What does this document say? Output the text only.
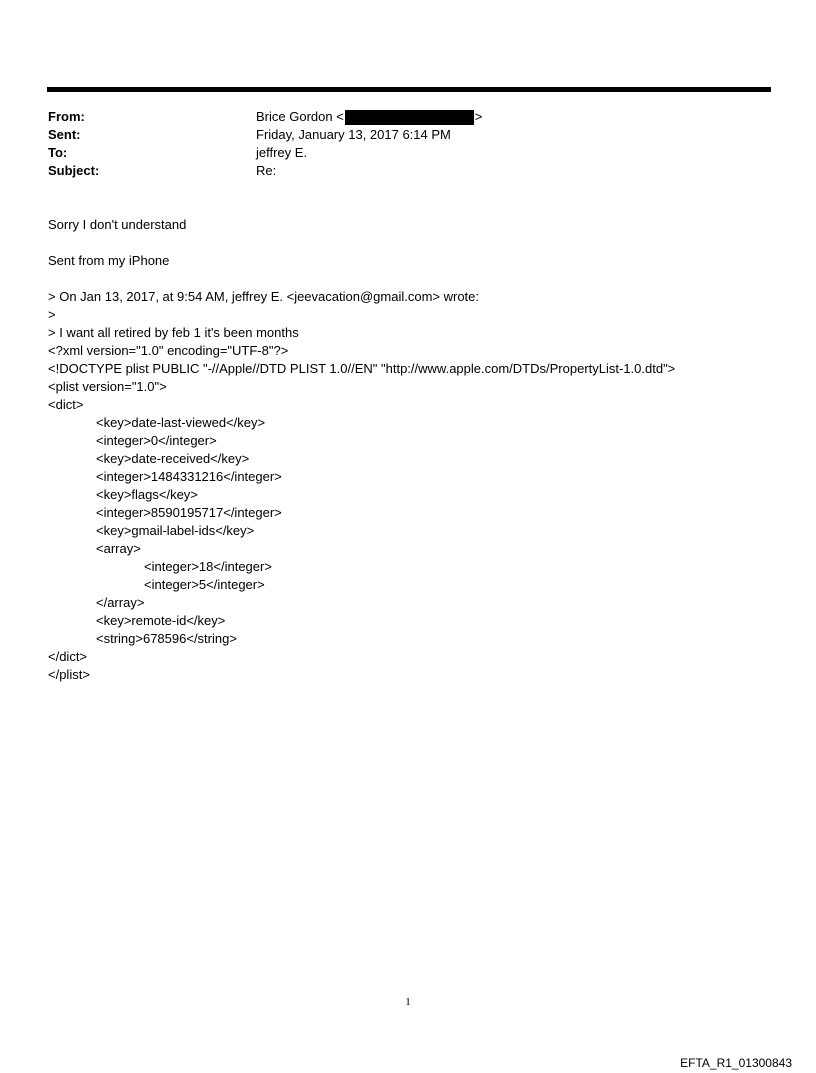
From:	Brice Gordon <	>
Sent:	Friday, January 13, 2017 6:14 PM
To:	jeffrey E.
Subject:	Re:
Sorry I don't understand
Sent from my iPhone
> On Jan 13, 2017, at 9:54 AM, jeffrey E. <jeevacation@gmail.com> wrote:
>
> I want all retired by feb 1 it's been months
<?xml version="1.0" encoding="UTF-8"?>
<!DOCTYPE plist PUBLIC "-//Apple//DTD PLIST 1.0//EN" "http://www.apple.com/DTDs/PropertyList-1.0.dtd">
<plist version="1.0">
<dict>
<key>date-last-viewed</key>
<integer>0</integer>
<key>date-received</key>
<integer>1484331216</integer>
<key>flags</key>
<integer>8590195717</integer>
<key>gmail-label-ids</key>
<array>
<integer>18</integer>
<integer>5</integer>
</array>
<key>remote-id</key>
<string>678596</string>
</dict>
</plist>
1
EFTA_R1_01300843
